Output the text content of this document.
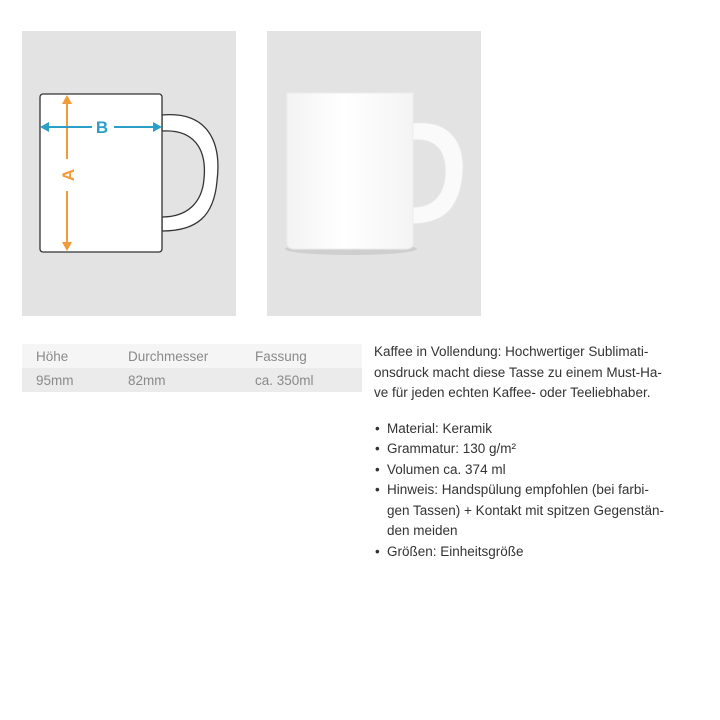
A
B
Höhe	Durchmesser	Fassung
95mm	82mm	ca. 350ml

Kaffee in Vollendung: Hochwertiger Sublimati-
onsdruck macht diese Tasse zu einem Must-Ha-
ve für jeden echten Kaffee- oder Teeliebhaber.

• Material: Keramik
• Grammatur: 130 g/m²
• Volumen ca. 374 ml
• Hinweis: Handspülung empfohlen (bei farbi-
gen Tassen) + Kontakt mit spitzen Gegenstän-
den meiden
• Größen: Einheitsgröße
